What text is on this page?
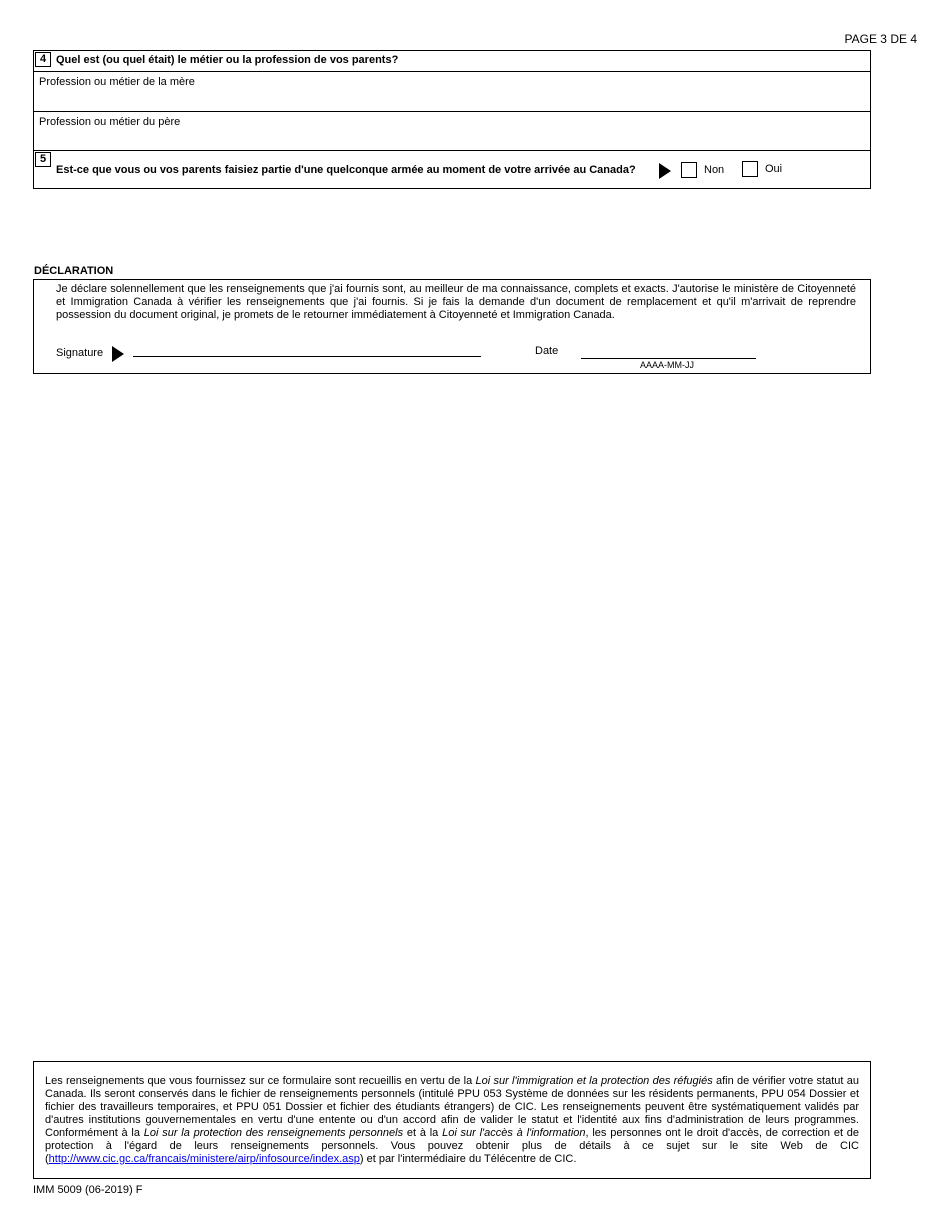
PAGE 3 DE 4
4 Quel est (ou quel était) le métier ou la profession de vos parents?
Profession ou métier de la mère
Profession ou métier du père
5
Est-ce que vous ou vos parents faisiez partie d'une quelconque armée au moment de votre arrivée au Canada?	Non	Oui
DÉCLARATION
Je déclare solennellement que les renseignements que j'ai fournis sont, au meilleur de ma connaissance, complets et exacts. J'autorise le ministère de Citoyenneté et Immigration Canada à vérifier les renseignements que j'ai fournis. Si je fais la demande d'un document de remplacement et qu'il m'arrivait de reprendre possession du document original, je promets de le retourner immédiatement à Citoyenneté et Immigration Canada.
Signature	Date
AAAA-MM-JJ
Les renseignements que vous fournissez sur ce formulaire sont recueillis en vertu de la Loi sur l'immigration et la protection des réfugiés afin de vérifier votre statut au Canada. Ils seront conservés dans le fichier de renseignements personnels (intitulé PPU 053 Système de données sur les résidents permanents, PPU 054 Dossier et fichier des travailleurs temporaires, et PPU 051 Dossier et fichier des étudiants étrangers) de CIC. Les renseignements peuvent être systématiquement validés par d'autres institutions gouvernementales en vertu d'une entente ou d'un accord afin de valider le statut et l'identité aux fins d'administration de leurs programmes. Conformément à la Loi sur la protection des renseignements personnels et à la Loi sur l'accès à l'information, les personnes ont le droit d'accès, de correction et de protection à l'égard de leurs renseignements personnels. Vous pouvez obtenir plus de détails à ce sujet sur le site Web de CIC (http://www.cic.gc.ca/francais/ministere/airp/infosource/index.asp) et par l'intermédiaire du Télécentre de CIC.
IMM 5009 (06-2019) F
